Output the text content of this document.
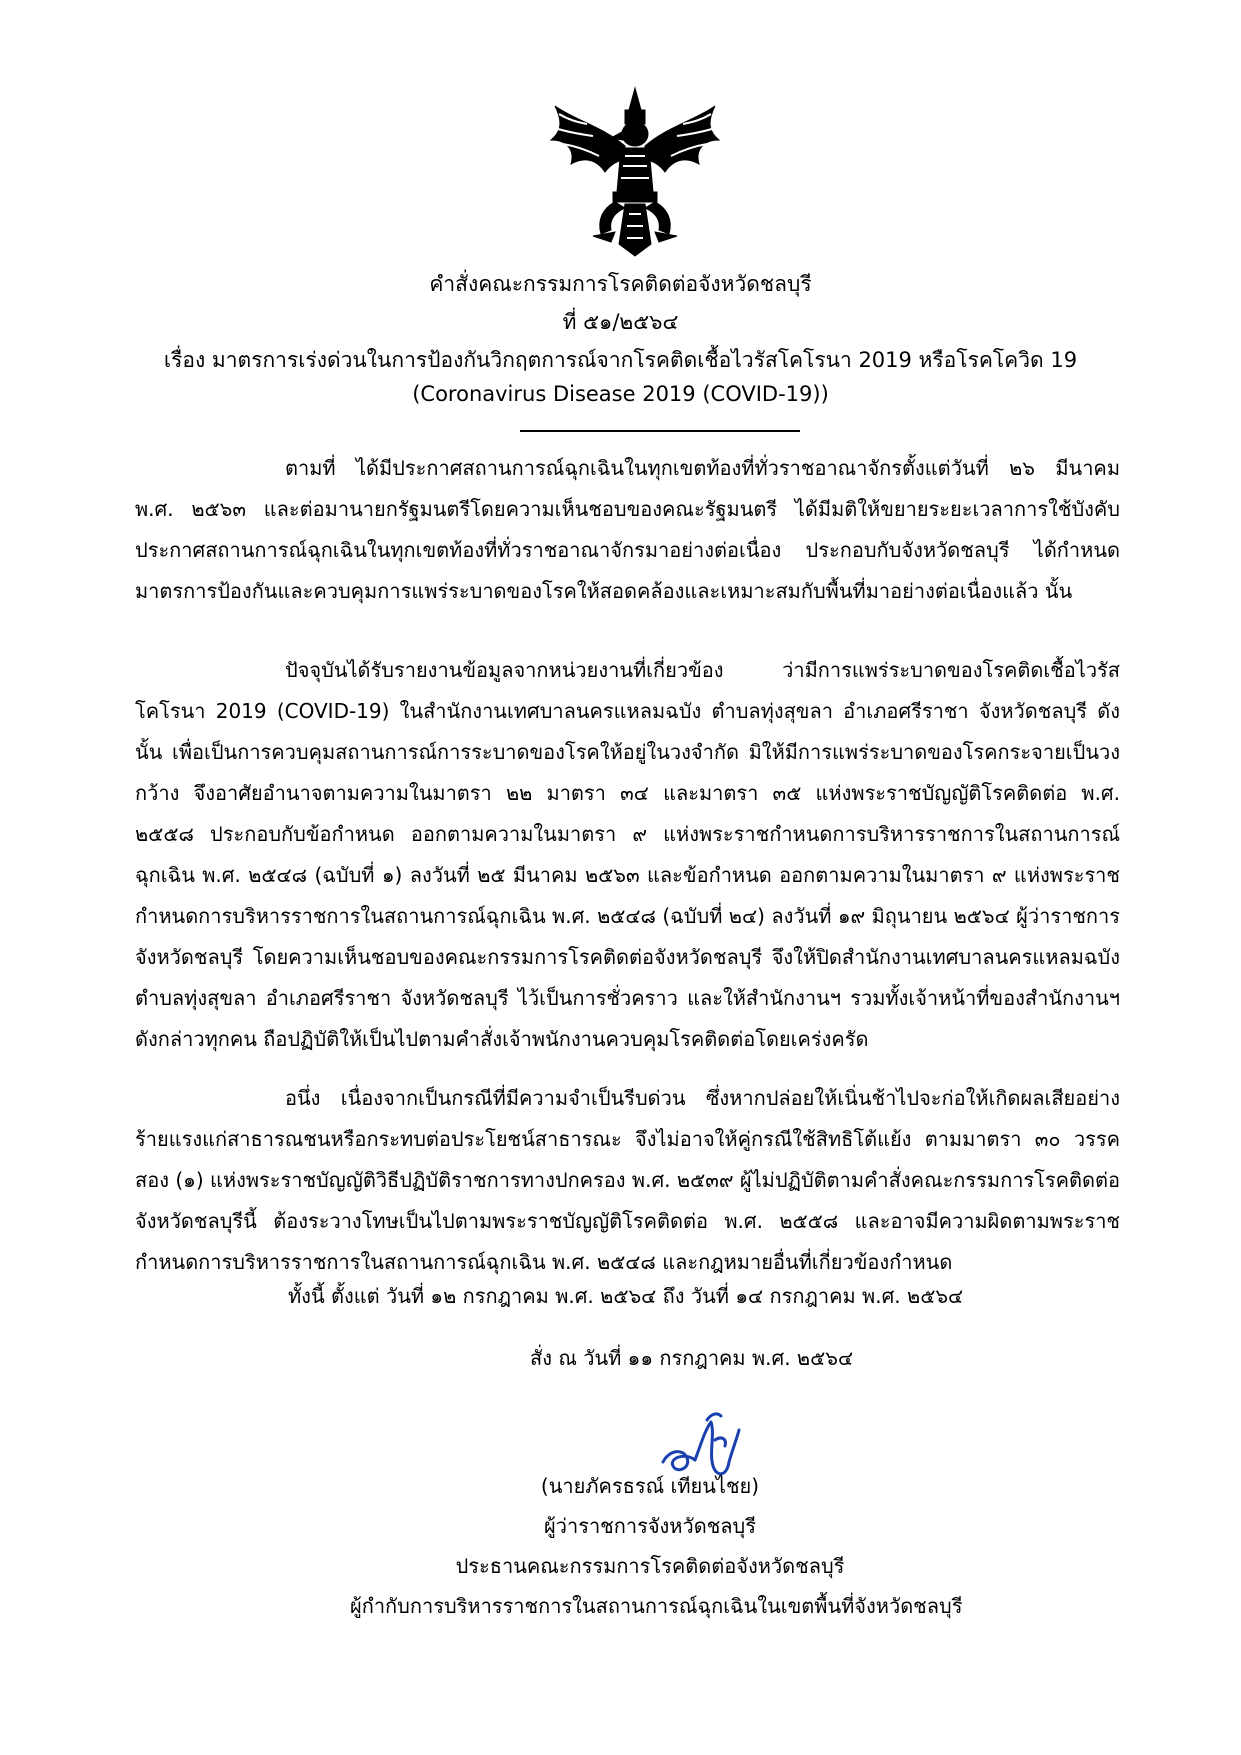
คำสั่งคณะกรรมการโรคติดต่อจังหวัดชลบุรี
ที่ ๕๑/๒๕๖๔
เรื่อง มาตรการเร่งด่วนในการป้องกันวิกฤตการณ์จากโรคติดเชื้อไวรัสโคโรนา 2019 หรือโรคโควิด 19
(Coronavirus Disease 2019 (COVID-19))

ตามที่ ได้มีประกาศสถานการณ์ฉุกเฉินในทุกเขตท้องที่ทั่วราชอาณาจักรตั้งแต่วันที่ ๒๖ มีนาคม พ.ศ. ๒๕๖๓ และต่อมานายกรัฐมนตรีโดยความเห็นชอบของคณะรัฐมนตรี ได้มีมติให้ขยายระยะเวลาการใช้บังคับประกาศสถานการณ์ฉุกเฉินในทุกเขตท้องที่ทั่วราชอาณาจักรมาอย่างต่อเนื่อง ประกอบกับจังหวัดชลบุรี ได้กำหนดมาตรการป้องกันและควบคุมการแพร่ระบาดของโรคให้สอดคล้องและเหมาะสมกับพื้นที่มาอย่างต่อเนื่องแล้ว นั้น

ปัจจุบันได้รับรายงานข้อมูลจากหน่วยงานที่เกี่ยวข้อง ว่ามีการแพร่ระบาดของโรคติดเชื้อไวรัสโคโรนา 2019 (COVID-19) ในสำนักงานเทศบาลนครแหลมฉบัง ตำบลทุ่งสุขลา อำเภอศรีราชา จังหวัดชลบุรี ดังนั้น เพื่อเป็นการควบคุมสถานการณ์การระบาดของโรคให้อยู่ในวงจำกัด มิให้มีการแพร่ระบาดของโรคกระจายเป็นวงกว้าง จึงอาศัยอำนาจตามความในมาตรา ๒๒ มาตรา ๓๔ และมาตรา ๓๕ แห่งพระราชบัญญัติโรคติดต่อ พ.ศ. ๒๕๕๘ ประกอบกับข้อกำหนด ออกตามความในมาตรา ๙ แห่งพระราชกำหนดการบริหารราชการในสถานการณ์ฉุกเฉิน พ.ศ. ๒๕๔๘ (ฉบับที่ ๑) ลงวันที่ ๒๕ มีนาคม ๒๕๖๓ และข้อกำหนด ออกตามความในมาตรา ๙ แห่งพระราชกำหนดการบริหารราชการในสถานการณ์ฉุกเฉิน พ.ศ. ๒๕๔๘ (ฉบับที่ ๒๔) ลงวันที่ ๑๙ มิถุนายน ๒๕๖๔ ผู้ว่าราชการจังหวัดชลบุรี โดยความเห็นชอบของคณะกรรมการโรคติดต่อจังหวัดชลบุรี จึงให้ปิดสำนักงานเทศบาลนครแหลมฉบัง ตำบลทุ่งสุขลา อำเภอศรีราชา จังหวัดชลบุรี ไว้เป็นการชั่วคราว และให้สำนักงานฯ รวมทั้งเจ้าหน้าที่ของสำนักงานฯ ดังกล่าวทุกคน ถือปฏิบัติให้เป็นไปตามคำสั่งเจ้าพนักงานควบคุมโรคติดต่อโดยเคร่งครัด

อนึ่ง เนื่องจากเป็นกรณีที่มีความจำเป็นรีบด่วน ซึ่งหากปล่อยให้เนิ่นช้าไปจะก่อให้เกิดผลเสียอย่างร้ายแรงแก่สาธารณชนหรือกระทบต่อประโยชน์สาธารณะ จึงไม่อาจให้คู่กรณีใช้สิทธิโต้แย้ง ตามมาตรา ๓๐ วรรคสอง (๑) แห่งพระราชบัญญัติวิธีปฏิบัติราชการทางปกครอง พ.ศ. ๒๕๓๙ ผู้ไม่ปฏิบัติตามคำสั่งคณะกรรมการโรคติดต่อจังหวัดชลบุรีนี้ ต้องระวางโทษเป็นไปตามพระราชบัญญัติโรคติดต่อ พ.ศ. ๒๕๕๘ และอาจมีความผิดตามพระราชกำหนดการบริหารราชการในสถานการณ์ฉุกเฉิน พ.ศ. ๒๕๔๘ และกฎหมายอื่นที่เกี่ยวข้องกำหนด

ทั้งนี้ ตั้งแต่ วันที่ ๑๒ กรกฎาคม พ.ศ. ๒๕๖๔ ถึง วันที่ ๑๔ กรกฎาคม พ.ศ. ๒๕๖๔
สั่ง ณ วันที่ ๑๑ กรกฎาคม พ.ศ. ๒๕๖๔
(นายภัครธรณ์ เทียนไชย)
ผู้ว่าราชการจังหวัดชลบุรี
ประธานคณะกรรมการโรคติดต่อจังหวัดชลบุรี
ผู้กำกับการบริหารราชการในสถานการณ์ฉุกเฉินในเขตพื้นที่จังหวัดชลบุรี
